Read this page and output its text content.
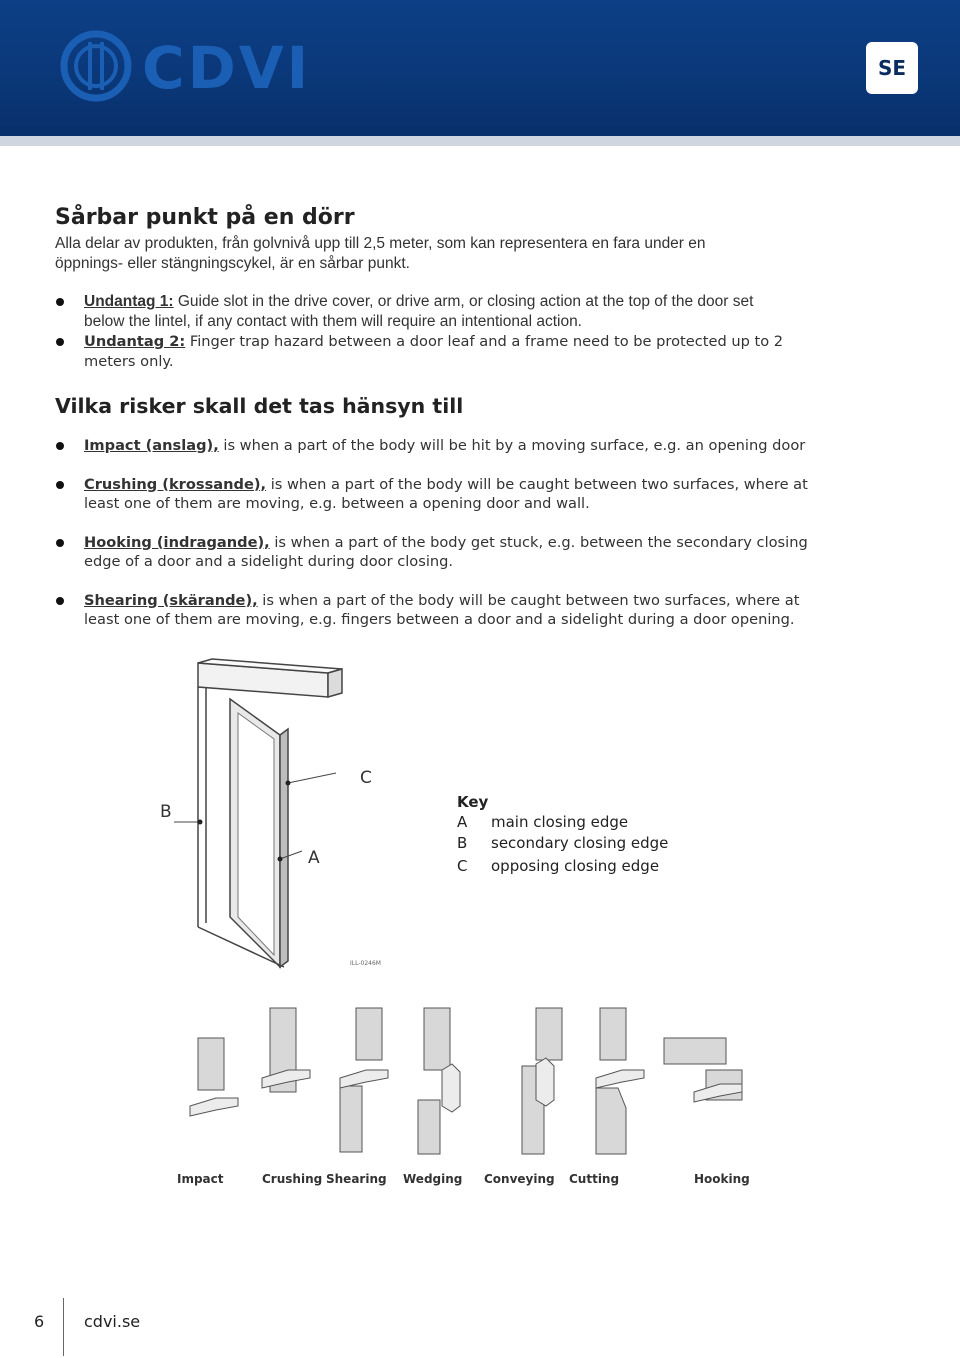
CDVI	SE
Sårbar punkt på en dörr
Alla delar av produkten, från golvnivå upp till 2,5 meter, som kan representera en fara under en
öppnings- eller stängningscykel, är en sårbar punkt.
Undantag 1: Guide slot in the drive cover, or drive arm, or closing action at the top of the door set
below the lintel, if any contact with them will require an intentional action.
Undantag 2: Finger trap hazard between a door leaf and a frame need to be protected up to 2
meters only.
Vilka risker skall det tas hänsyn till
Impact (anslag), is when a part of the body will be hit by a moving surface, e.g. an opening door
Crushing (krossande), is when a part of the body will be caught between two surfaces, where at
least one of them are moving, e.g. between a opening door and wall.
Hooking (indragande), is when a part of the body get stuck, e.g. between the secondary closing
edge of a door and a sidelight during door closing.
Shearing (skärande), is when a part of the body will be caught between two surfaces, where at
least one of them are moving, e.g. fingers between a door and a sidelight during a door opening.
B
C
A
ILL-0246M
Key
A	main closing edge
B	secondary closing edge
C	opposing closing edge
Impact	Crushing Shearing Wedging Conveying Cutting	Hooking
6 cdvi.se
